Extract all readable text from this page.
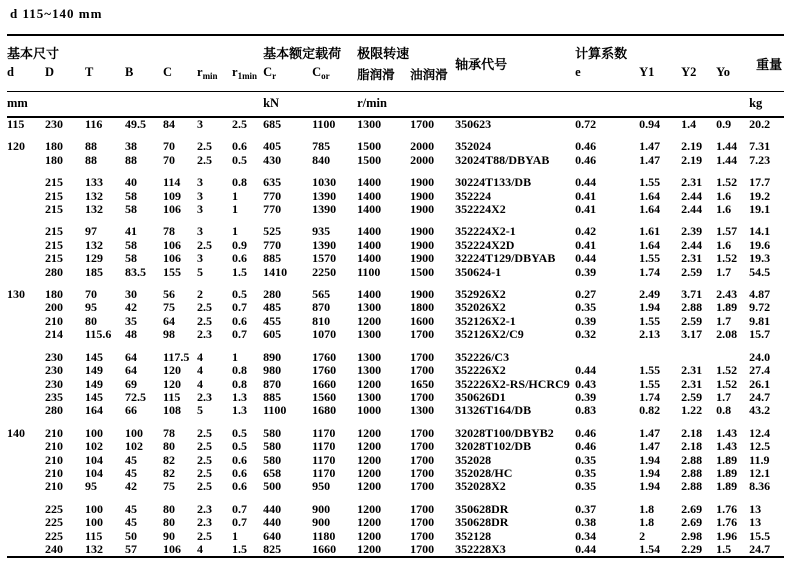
d 115~140 mm
基本尺寸							基本额定载荷		极限转速		轴承代号	计算系数				重量
d	D	T	B	C	$r_{min}$	$r_{1min}$	$C_r$	$C_{or}$	脂润滑	油润滑		e	Y1	Y2	Yo	
mm							kN		r/min							kg
115	230	116	49.5	84	3	2.5	685	1100	1300	1700	350623	0.72	0.94	1.4	0.9	20.2

120	180	88	38	70	2.5	0.6	405	785	1500	2000	352024	0.46	1.47	2.19	1.44	7.31
	180	88	88	70	2.5	0.5	430	840	1500	2000	32024T88/DBYAB	0.46	1.47	2.19	1.44	7.23

	215	133	40	114	3	0.8	635	1030	1400	1900	30224T133/DB	0.44	1.55	2.31	1.52	17.7
	215	132	58	109	3	1	770	1390	1400	1900	352224	0.41	1.64	2.44	1.6	19.2
	215	132	58	106	3	1	770	1390	1400	1900	352224X2	0.41	1.64	2.44	1.6	19.1

	215	97	41	78	3	1	525	935	1400	1900	352224X2-1	0.42	1.61	2.39	1.57	14.1
	215	132	58	106	2.5	0.9	770	1390	1400	1900	352224X2D	0.41	1.64	2.44	1.6	19.6
	215	129	58	106	3	0.6	885	1570	1400	1900	32224T129/DBYAB	0.44	1.55	2.31	1.52	19.3
	280	185	83.5	155	5	1.5	1410	2250	1100	1500	350624-1	0.39	1.74	2.59	1.7	54.5

130	180	70	30	56	2	0.5	280	565	1400	1900	352926X2	0.27	2.49	3.71	2.43	4.87
	200	95	42	75	2.5	0.7	485	870	1300	1800	352026X2	0.35	1.94	2.88	1.89	9.72
	210	80	35	64	2.5	0.6	455	810	1200	1600	352126X2-1	0.39	1.55	2.59	1.7	9.81
	214	115.6	48	98	2.3	0.7	605	1070	1300	1700	352126X2/C9	0.32	2.13	3.17	2.08	15.7

	230	145	64	117.5	4	1	890	1760	1300	1700	352226/C3					24.0
	230	149	64	120	4	0.8	980	1760	1300	1700	352226X2	0.44	1.55	2.31	1.52	27.4
	230	149	69	120	4	0.8	870	1660	1200	1650	352226X2-RS/HCRC9	0.43	1.55	2.31	1.52	26.1
	235	145	72.5	115	2.3	1.3	885	1560	1300	1700	350626D1	0.39	1.74	2.59	1.7	24.7
	280	164	66	108	5	1.3	1100	1680	1000	1300	31326T164/DB	0.83	0.82	1.22	0.8	43.2

140	210	100	100	78	2.5	0.5	580	1170	1200	1700	32028T100/DBYB2	0.46	1.47	2.18	1.43	12.4
	210	102	102	80	2.5	0.5	580	1170	1200	1700	32028T102/DB	0.46	1.47	2.18	1.43	12.5
	210	104	45	82	2.5	0.6	580	1170	1200	1700	352028	0.35	1.94	2.88	1.89	11.9
	210	104	45	82	2.5	0.6	658	1170	1200	1700	352028/HC	0.35	1.94	2.88	1.89	12.1
	210	95	42	75	2.5	0.6	500	950	1200	1700	352028X2	0.35	1.94	2.88	1.89	8.36

	225	100	45	80	2.3	0.7	440	900	1200	1700	350628DR	0.37	1.8	2.69	1.76	13
	225	100	45	80	2.3	0.7	440	900	1200	1700	350628DR	0.38	1.8	2.69	1.76	13
	225	115	50	90	2.5	1	640	1180	1200	1700	352128	0.34	2	2.98	1.96	15.5
	240	132	57	106	4	1.5	825	1660	1200	1700	352228X3	0.44	1.54	2.29	1.5	24.7
